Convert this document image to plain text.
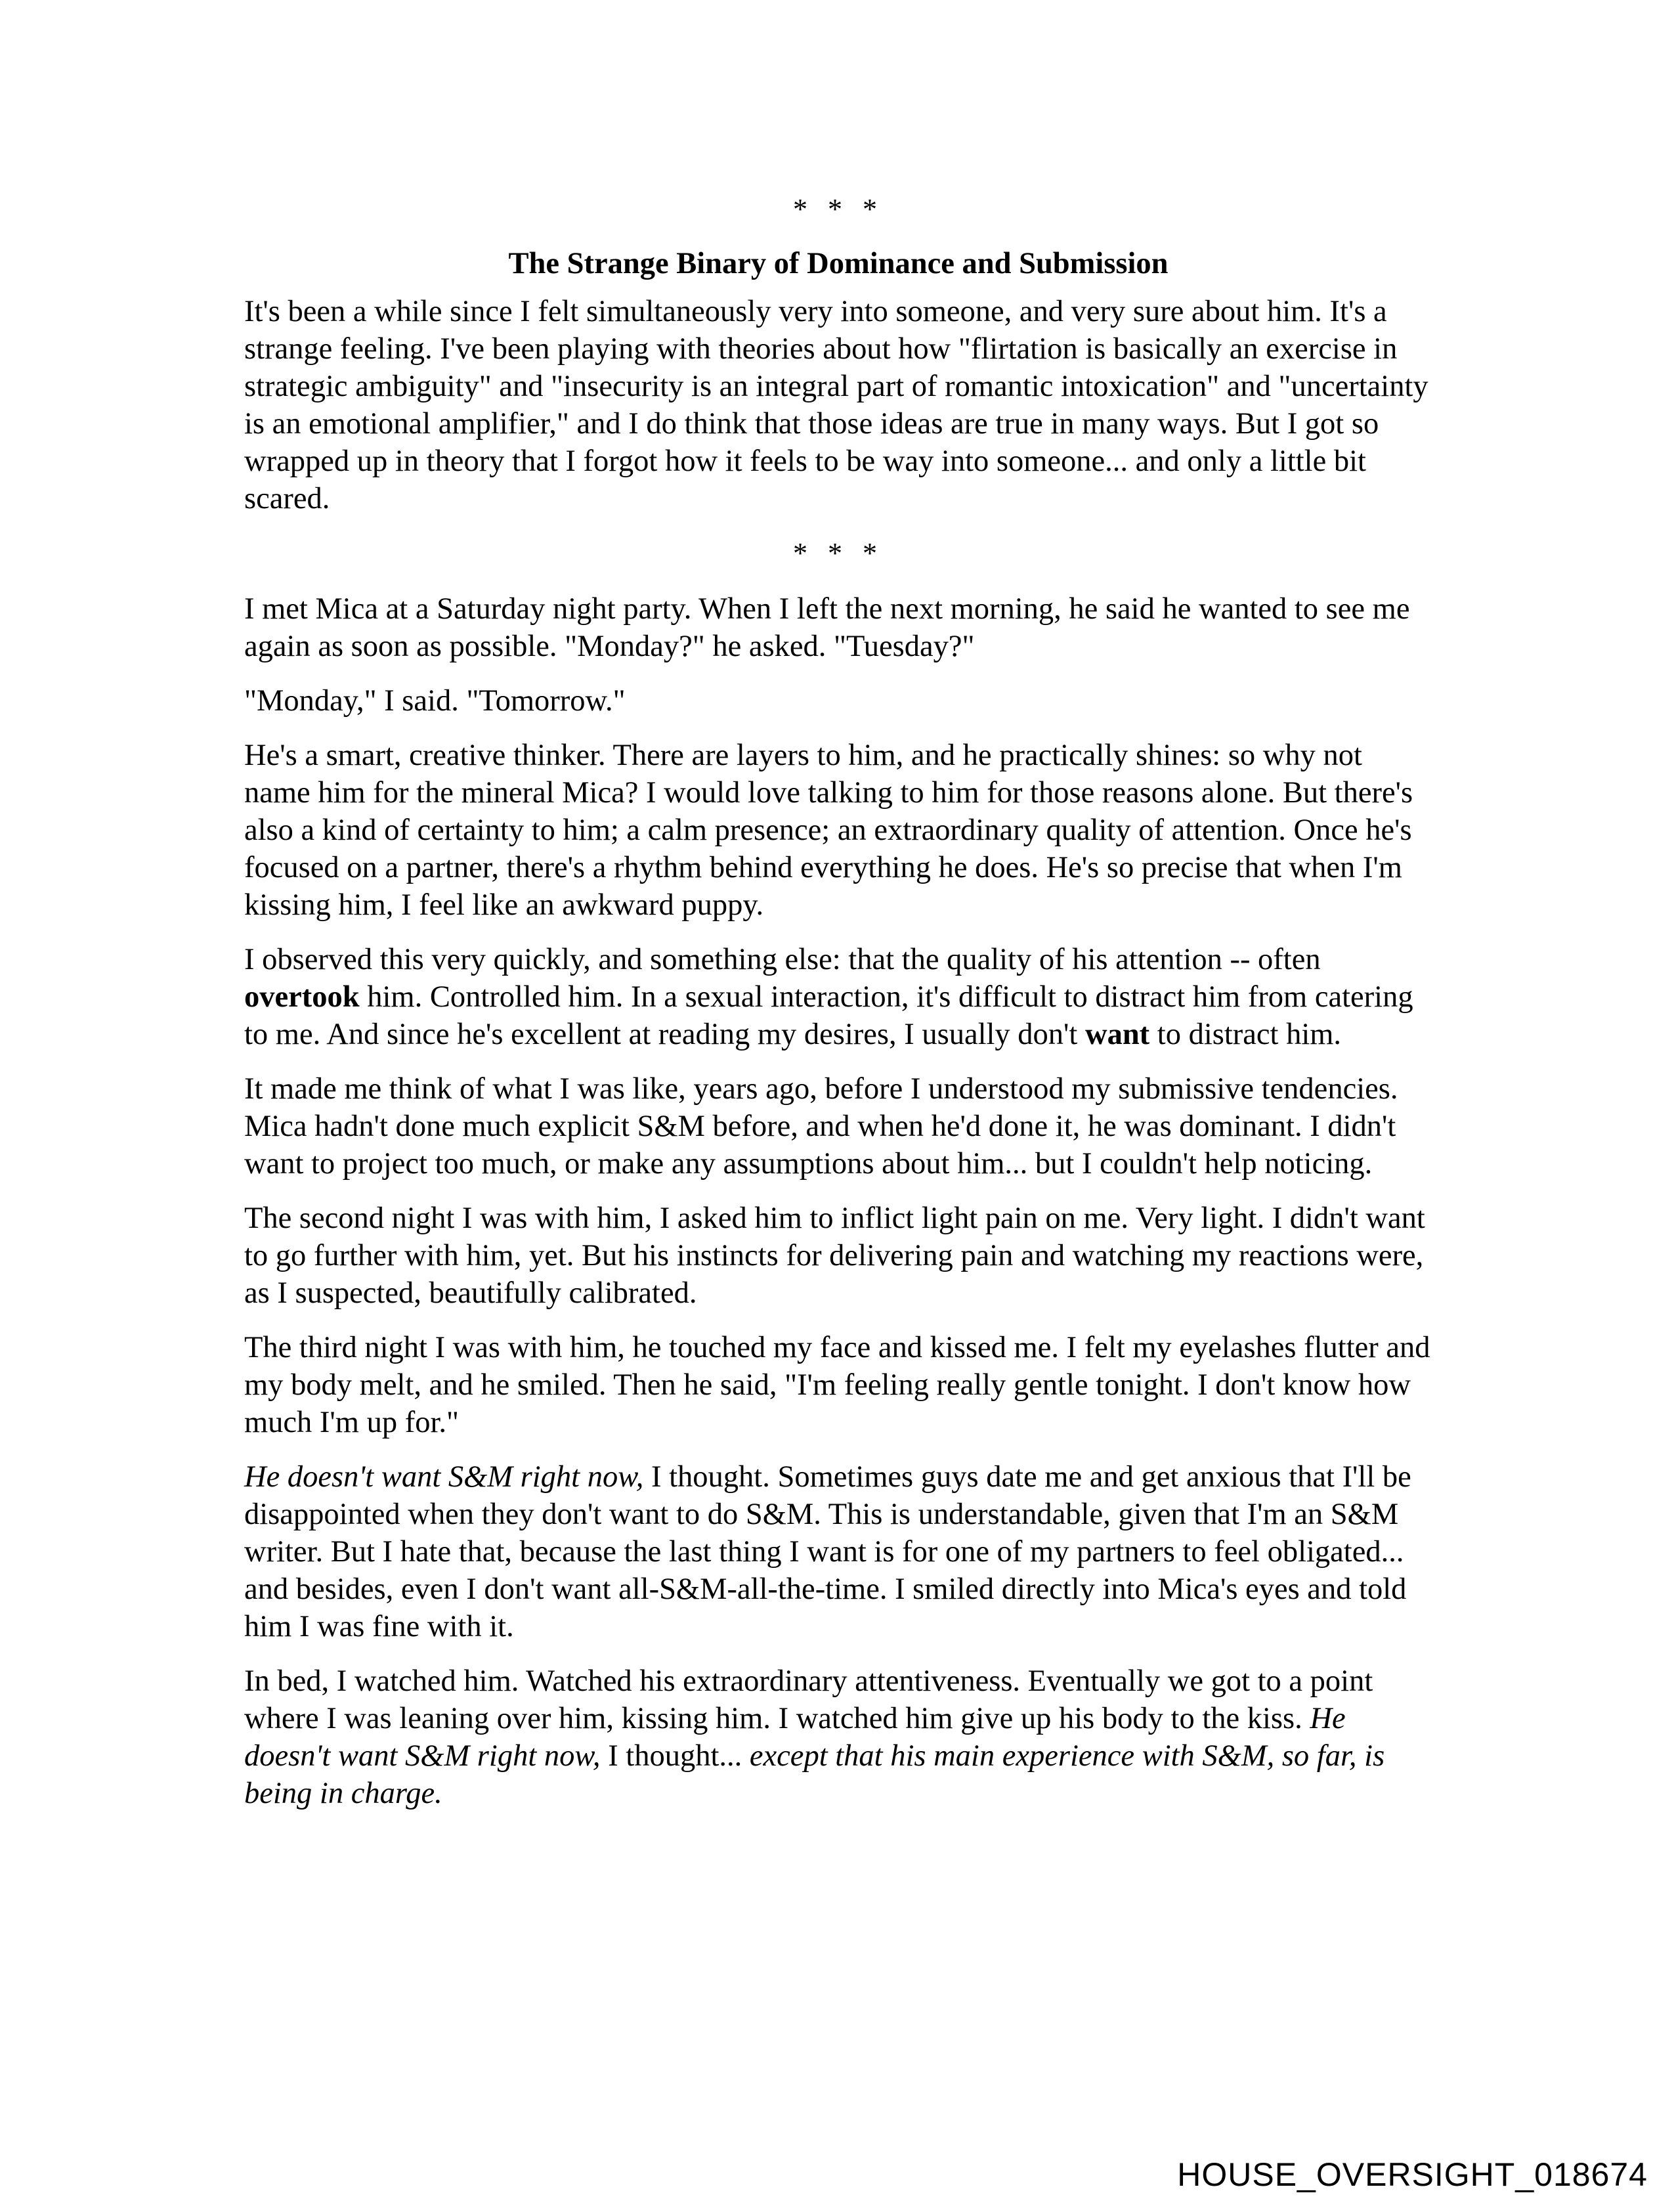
* * *
The Strange Binary of Dominance and Submission

It's been a while since I felt simultaneously very into someone, and very sure about him. It's a strange feeling. I've been playing with theories about how "flirtation is basically an exercise in strategic ambiguity" and "insecurity is an integral part of romantic intoxication" and "uncertainty is an emotional amplifier," and I do think that those ideas are true in many ways. But I got so wrapped up in theory that I forgot how it feels to be way into someone... and only a little bit scared.

* * *

I met Mica at a Saturday night party. When I left the next morning, he said he wanted to see me again as soon as possible. "Monday?" he asked. "Tuesday?"

"Monday," I said. "Tomorrow."

He's a smart, creative thinker. There are layers to him, and he practically shines: so why not name him for the mineral Mica? I would love talking to him for those reasons alone. But there's also a kind of certainty to him; a calm presence; an extraordinary quality of attention. Once he's focused on a partner, there's a rhythm behind everything he does. He's so precise that when I'm kissing him, I feel like an awkward puppy.

I observed this very quickly, and something else: that the quality of his attention -- often overtook him. Controlled him. In a sexual interaction, it's difficult to distract him from catering to me. And since he's excellent at reading my desires, I usually don't want to distract him.

It made me think of what I was like, years ago, before I understood my submissive tendencies. Mica hadn't done much explicit S&M before, and when he'd done it, he was dominant. I didn't want to project too much, or make any assumptions about him... but I couldn't help noticing.

The second night I was with him, I asked him to inflict light pain on me. Very light. I didn't want to go further with him, yet. But his instincts for delivering pain and watching my reactions were, as I suspected, beautifully calibrated.

The third night I was with him, he touched my face and kissed me. I felt my eyelashes flutter and my body melt, and he smiled. Then he said, "I'm feeling really gentle tonight. I don't know how much I'm up for."

He doesn't want S&M right now, I thought. Sometimes guys date me and get anxious that I'll be disappointed when they don't want to do S&M. This is understandable, given that I'm an S&M writer. But I hate that, because the last thing I want is for one of my partners to feel obligated... and besides, even I don't want all-S&M-all-the-time. I smiled directly into Mica's eyes and told him I was fine with it.

In bed, I watched him. Watched his extraordinary attentiveness. Eventually we got to a point where I was leaning over him, kissing him. I watched him give up his body to the kiss. He doesn't want S&M right now, I thought... except that his main experience with S&M, so far, is being in charge.

HOUSE_OVERSIGHT_018674
